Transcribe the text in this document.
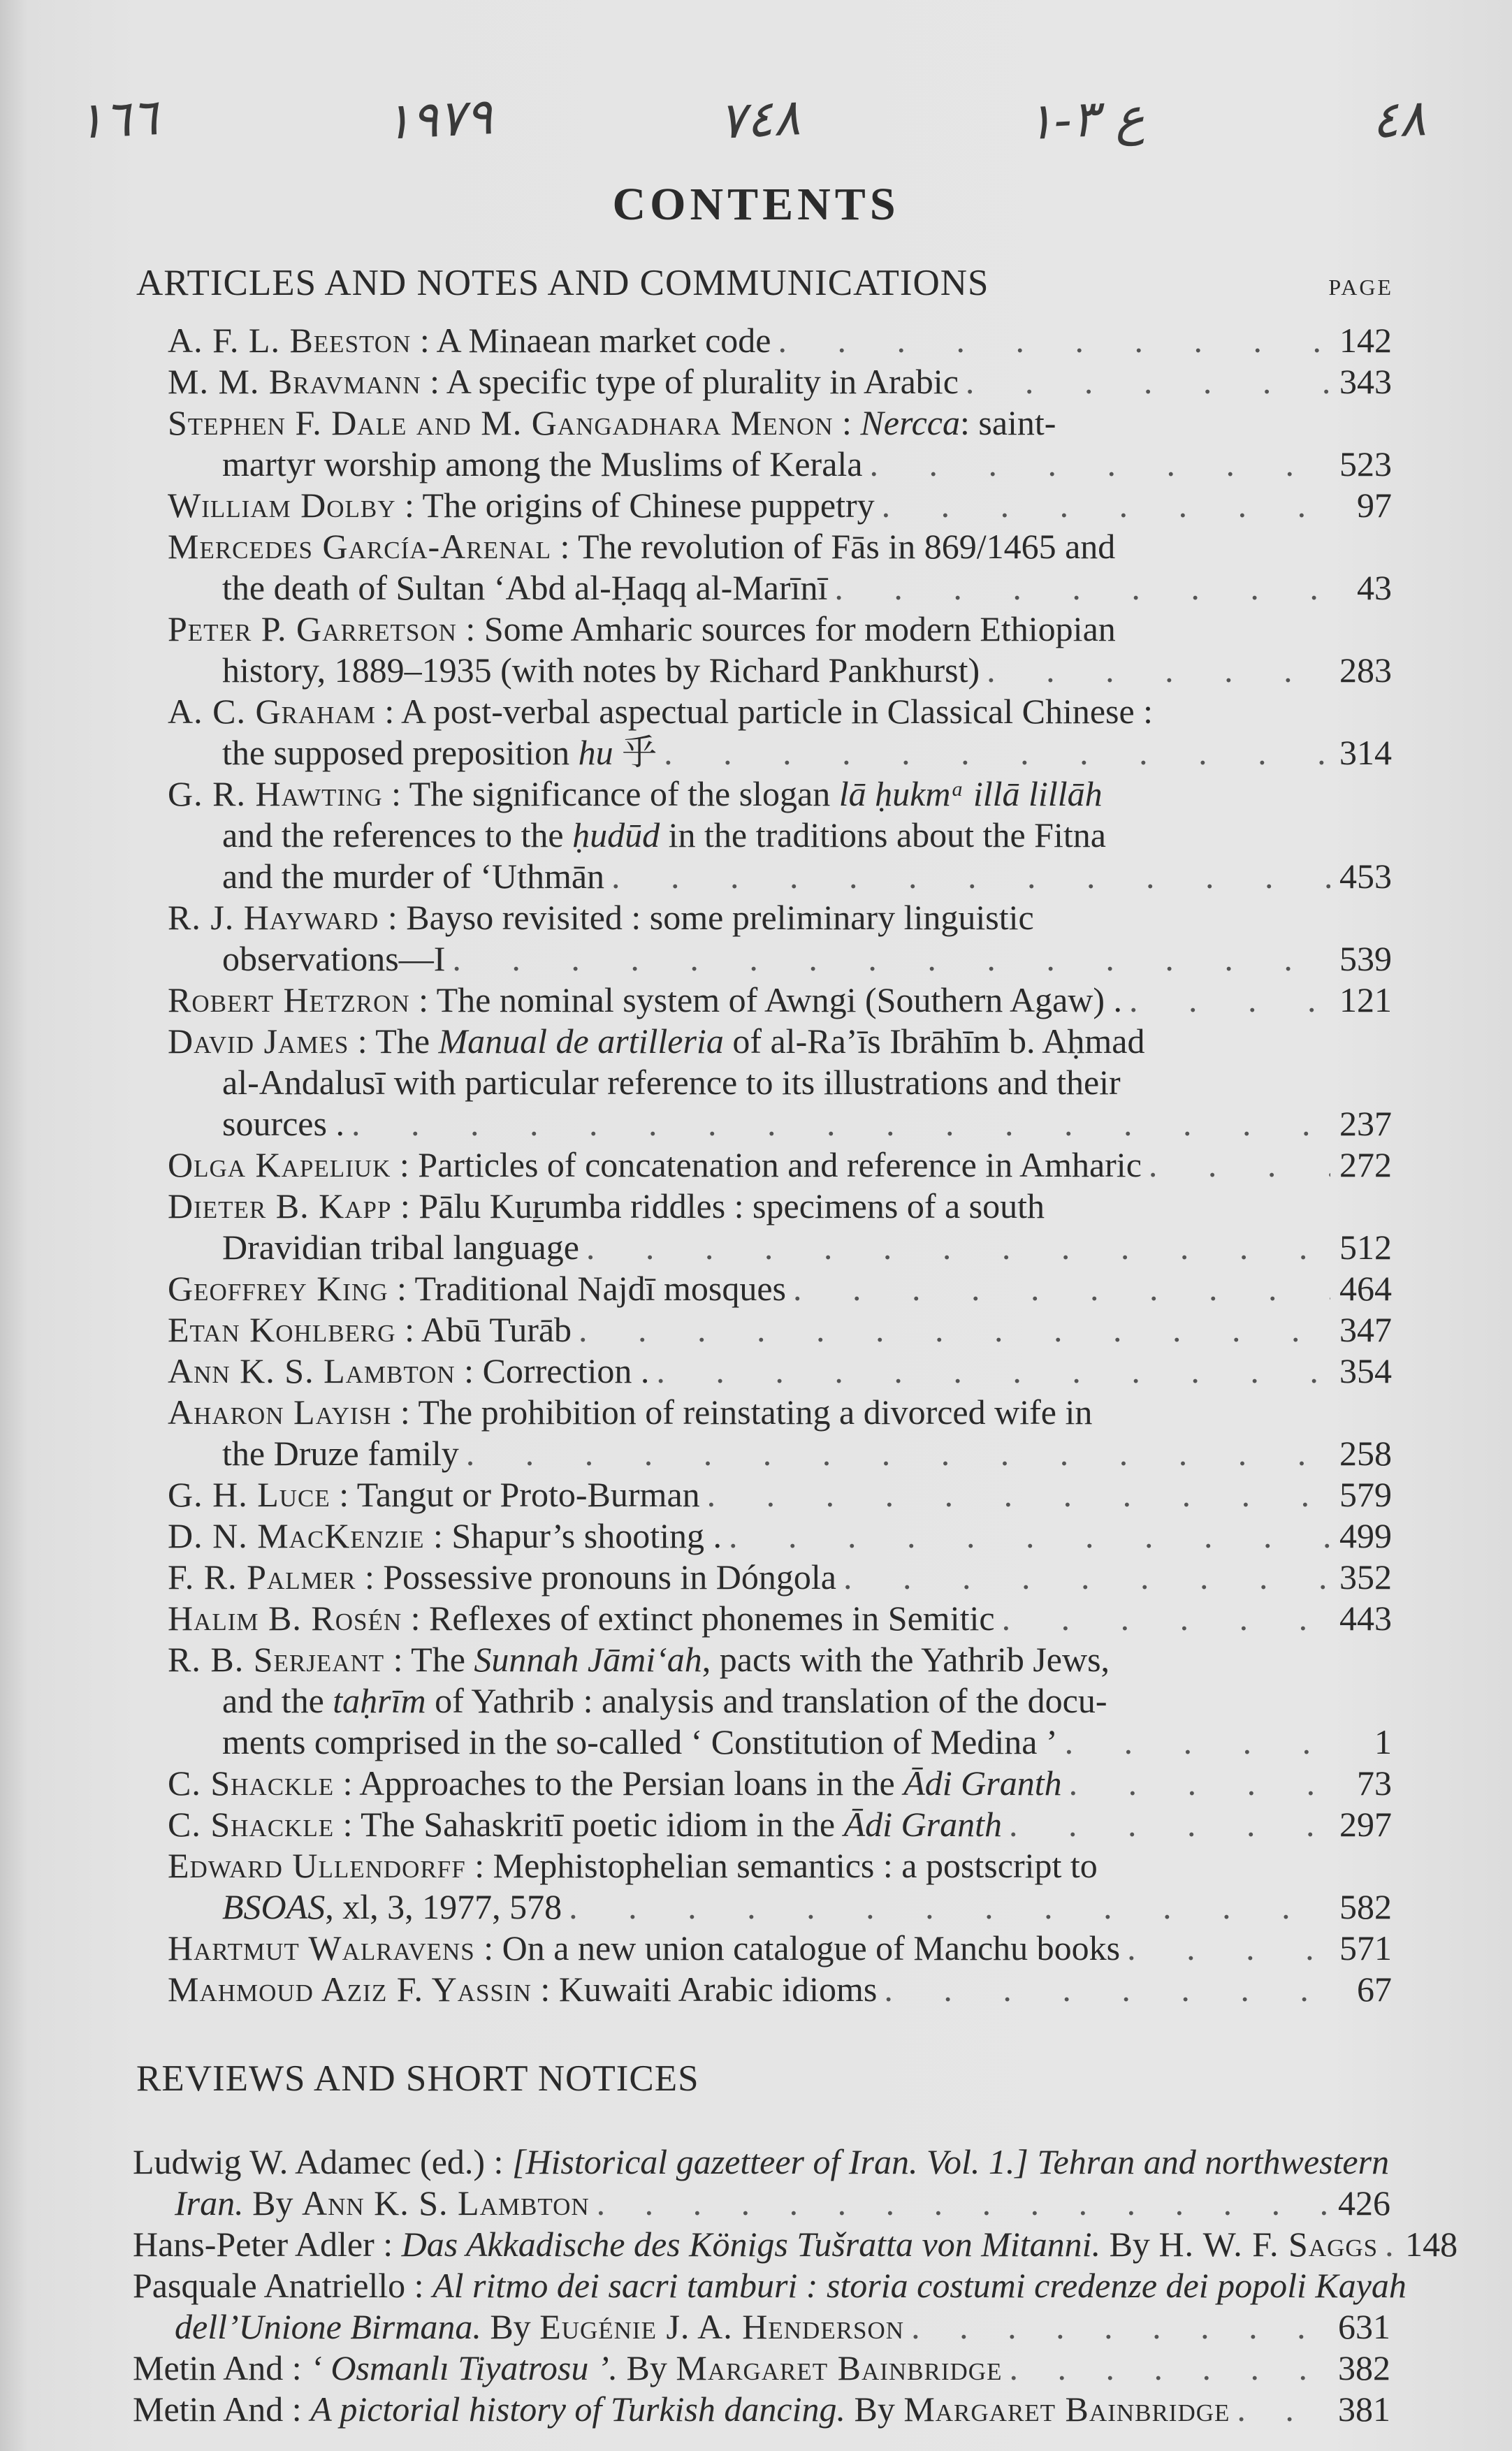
١٦٦	١٩٧٩	٧٤٨	ع ٣-١	٤٨
CONTENTS
ARTICLES AND NOTES AND COMMUNICATIONS	PAGE
A. F. L. Beeston : A Minaean market code . . .	142
M. M. Bravmann : A specific type of plurality in Arabic . . .	343
Stephen F. Dale and M. Gangadhara Menon : Nercca: saint-
martyr worship among the Muslims of Kerala . . .	523
William Dolby : The origins of Chinese puppetry . . .	97
Mercedes García-Arenal : The revolution of Fās in 869/1465 and
the death of Sultan ‘Abd al-Ḥaqq al-Marīnī . . .	43
Peter P. Garretson : Some Amharic sources for modern Ethiopian
history, 1889–1935 (with notes by Richard Pankhurst) . . .	283
A. C. Graham : A post-verbal aspectual particle in Classical Chinese :
the supposed preposition hu 乎 . . .	314
G. R. Hawting : The significance of the slogan lā ḥukmᵃ illā lillāh
and the references to the ḥudūd in the traditions about the Fitna
and the murder of ‘Uthmān . . .	453
R. J. Hayward : Bayso revisited : some preliminary linguistic
observations—I . . .	539
Robert Hetzron : The nominal system of Awngi (Southern Agaw) . . . .	121
David James : The Manual de artilleria of al-Ra’īs Ibrāhīm b. Aḥmad
al-Andalusī with particular reference to its illustrations and their
sources . . . .	237
Olga Kapeliuk : Particles of concatenation and reference in Amharic . . .	272
Dieter B. Kapp : Pālu Kuṟumba riddles : specimens of a south
Dravidian tribal language . . .	512
Geoffrey King : Traditional Najdī mosques . . .	464
Etan Kohlberg : Abū Turāb . . .	347
Ann K. S. Lambton : Correction . . . .	354
Aharon Layish : The prohibition of reinstating a divorced wife in
the Druze family . . .	258
G. H. Luce : Tangut or Proto-Burman . . .	579
D. N. MacKenzie : Shapur’s shooting . . . .	499
F. R. Palmer : Possessive pronouns in Dóngola . . .	352
Halim B. Rosén : Reflexes of extinct phonemes in Semitic . . .	443
R. B. Serjeant : The Sunnah Jāmi‘ah, pacts with the Yathrib Jews,
and the taḥrīm of Yathrib : analysis and translation of the docu-
ments comprised in the so-called ‘ Constitution of Medina ’ . . .	1
C. Shackle : Approaches to the Persian loans in the Ādi Granth . . .	73
C. Shackle : The Sahaskritī poetic idiom in the Ādi Granth . . .	297
Edward Ullendorff : Mephistophelian semantics : a postscript to
BSOAS, xl, 3, 1977, 578 . . .	582
Hartmut Walravens : On a new union catalogue of Manchu books . . .	571
Mahmoud Aziz F. Yassin : Kuwaiti Arabic idioms . . .	67
REVIEWS AND SHORT NOTICES
Ludwig W. Adamec (ed.) : [Historical gazetteer of Iran. Vol. 1.] Tehran and northwestern
Iran. By Ann K. S. Lambton . . .	426
Hans-Peter Adler : Das Akkadische des Königs Tušratta von Mitanni. By H. W. F. Saggs . . . 148
Pasquale Anatriello : Al ritmo dei sacri tamburi : storia costumi credenze dei popoli Kayah
dell’Unione Birmana. By Eugénie J. A. Henderson . . .	631
Metin And : ‘ Osmanlı Tiyatrosu ’. By Margaret Bainbridge . . .	382
Metin And : A pictorial history of Turkish dancing. By Margaret Bainbridge . . .	381
